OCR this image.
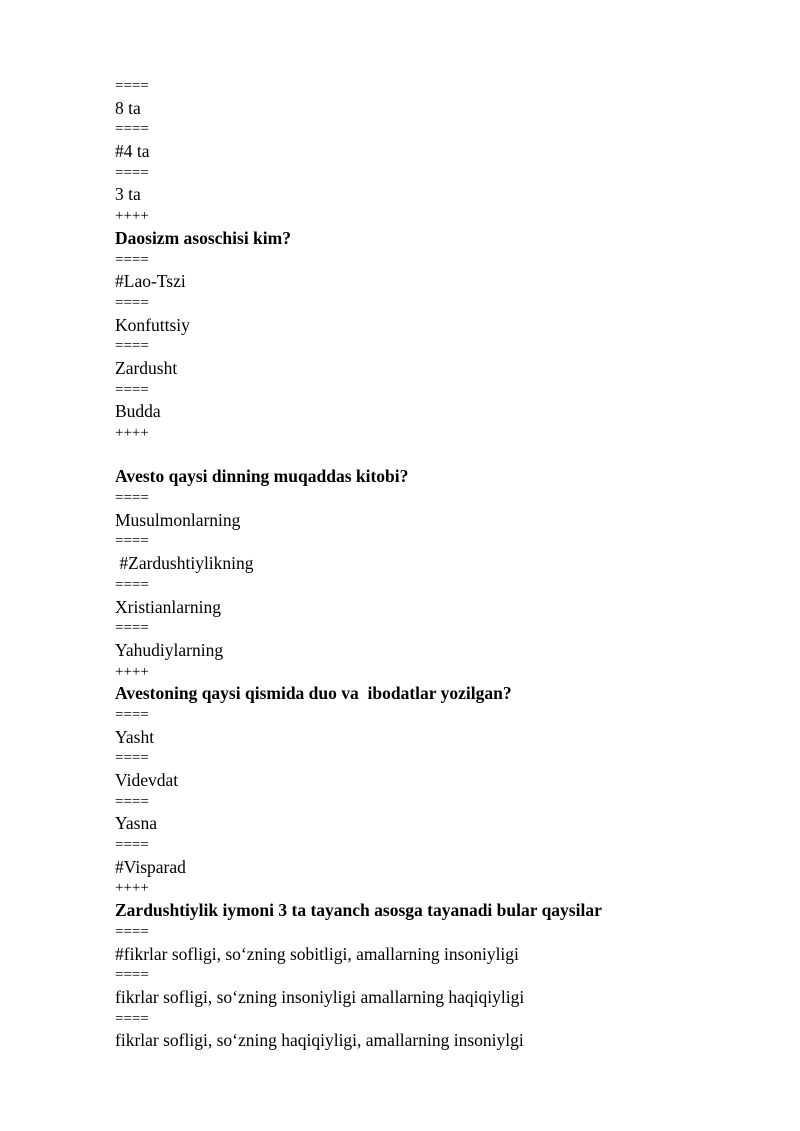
====
8 ta
====
#4 ta
====
3 ta
++++
Daosizm asoschisi kim?
====
#Lao-Tszi
====
Konfuttsiy
====
Zardusht
====
Budda
++++
Avesto qaysi dinning muqaddas kitobi?
====
Musulmonlarning
====
#Zardushtiylikning
====
Xristianlarning
====
Yahudiylarning
++++
Avestoning qaysi qismida duo va  ibodatlar yozilgan?
====
Yasht
====
Videvdat
====
Yasna
====
#Visparad
++++
Zardushtiylik iymoni 3 ta tayanch asosga tayanadi bular qaysilar
====
#fikrlar sofligi, so‘zning sobitligi, amallarning insoniyligi
====
fikrlar sofligi, so‘zning insoniyligi amallarning haqiqiyligi
====
fikrlar sofligi, so‘zning haqiqiyligi, amallarning insoniylgi
